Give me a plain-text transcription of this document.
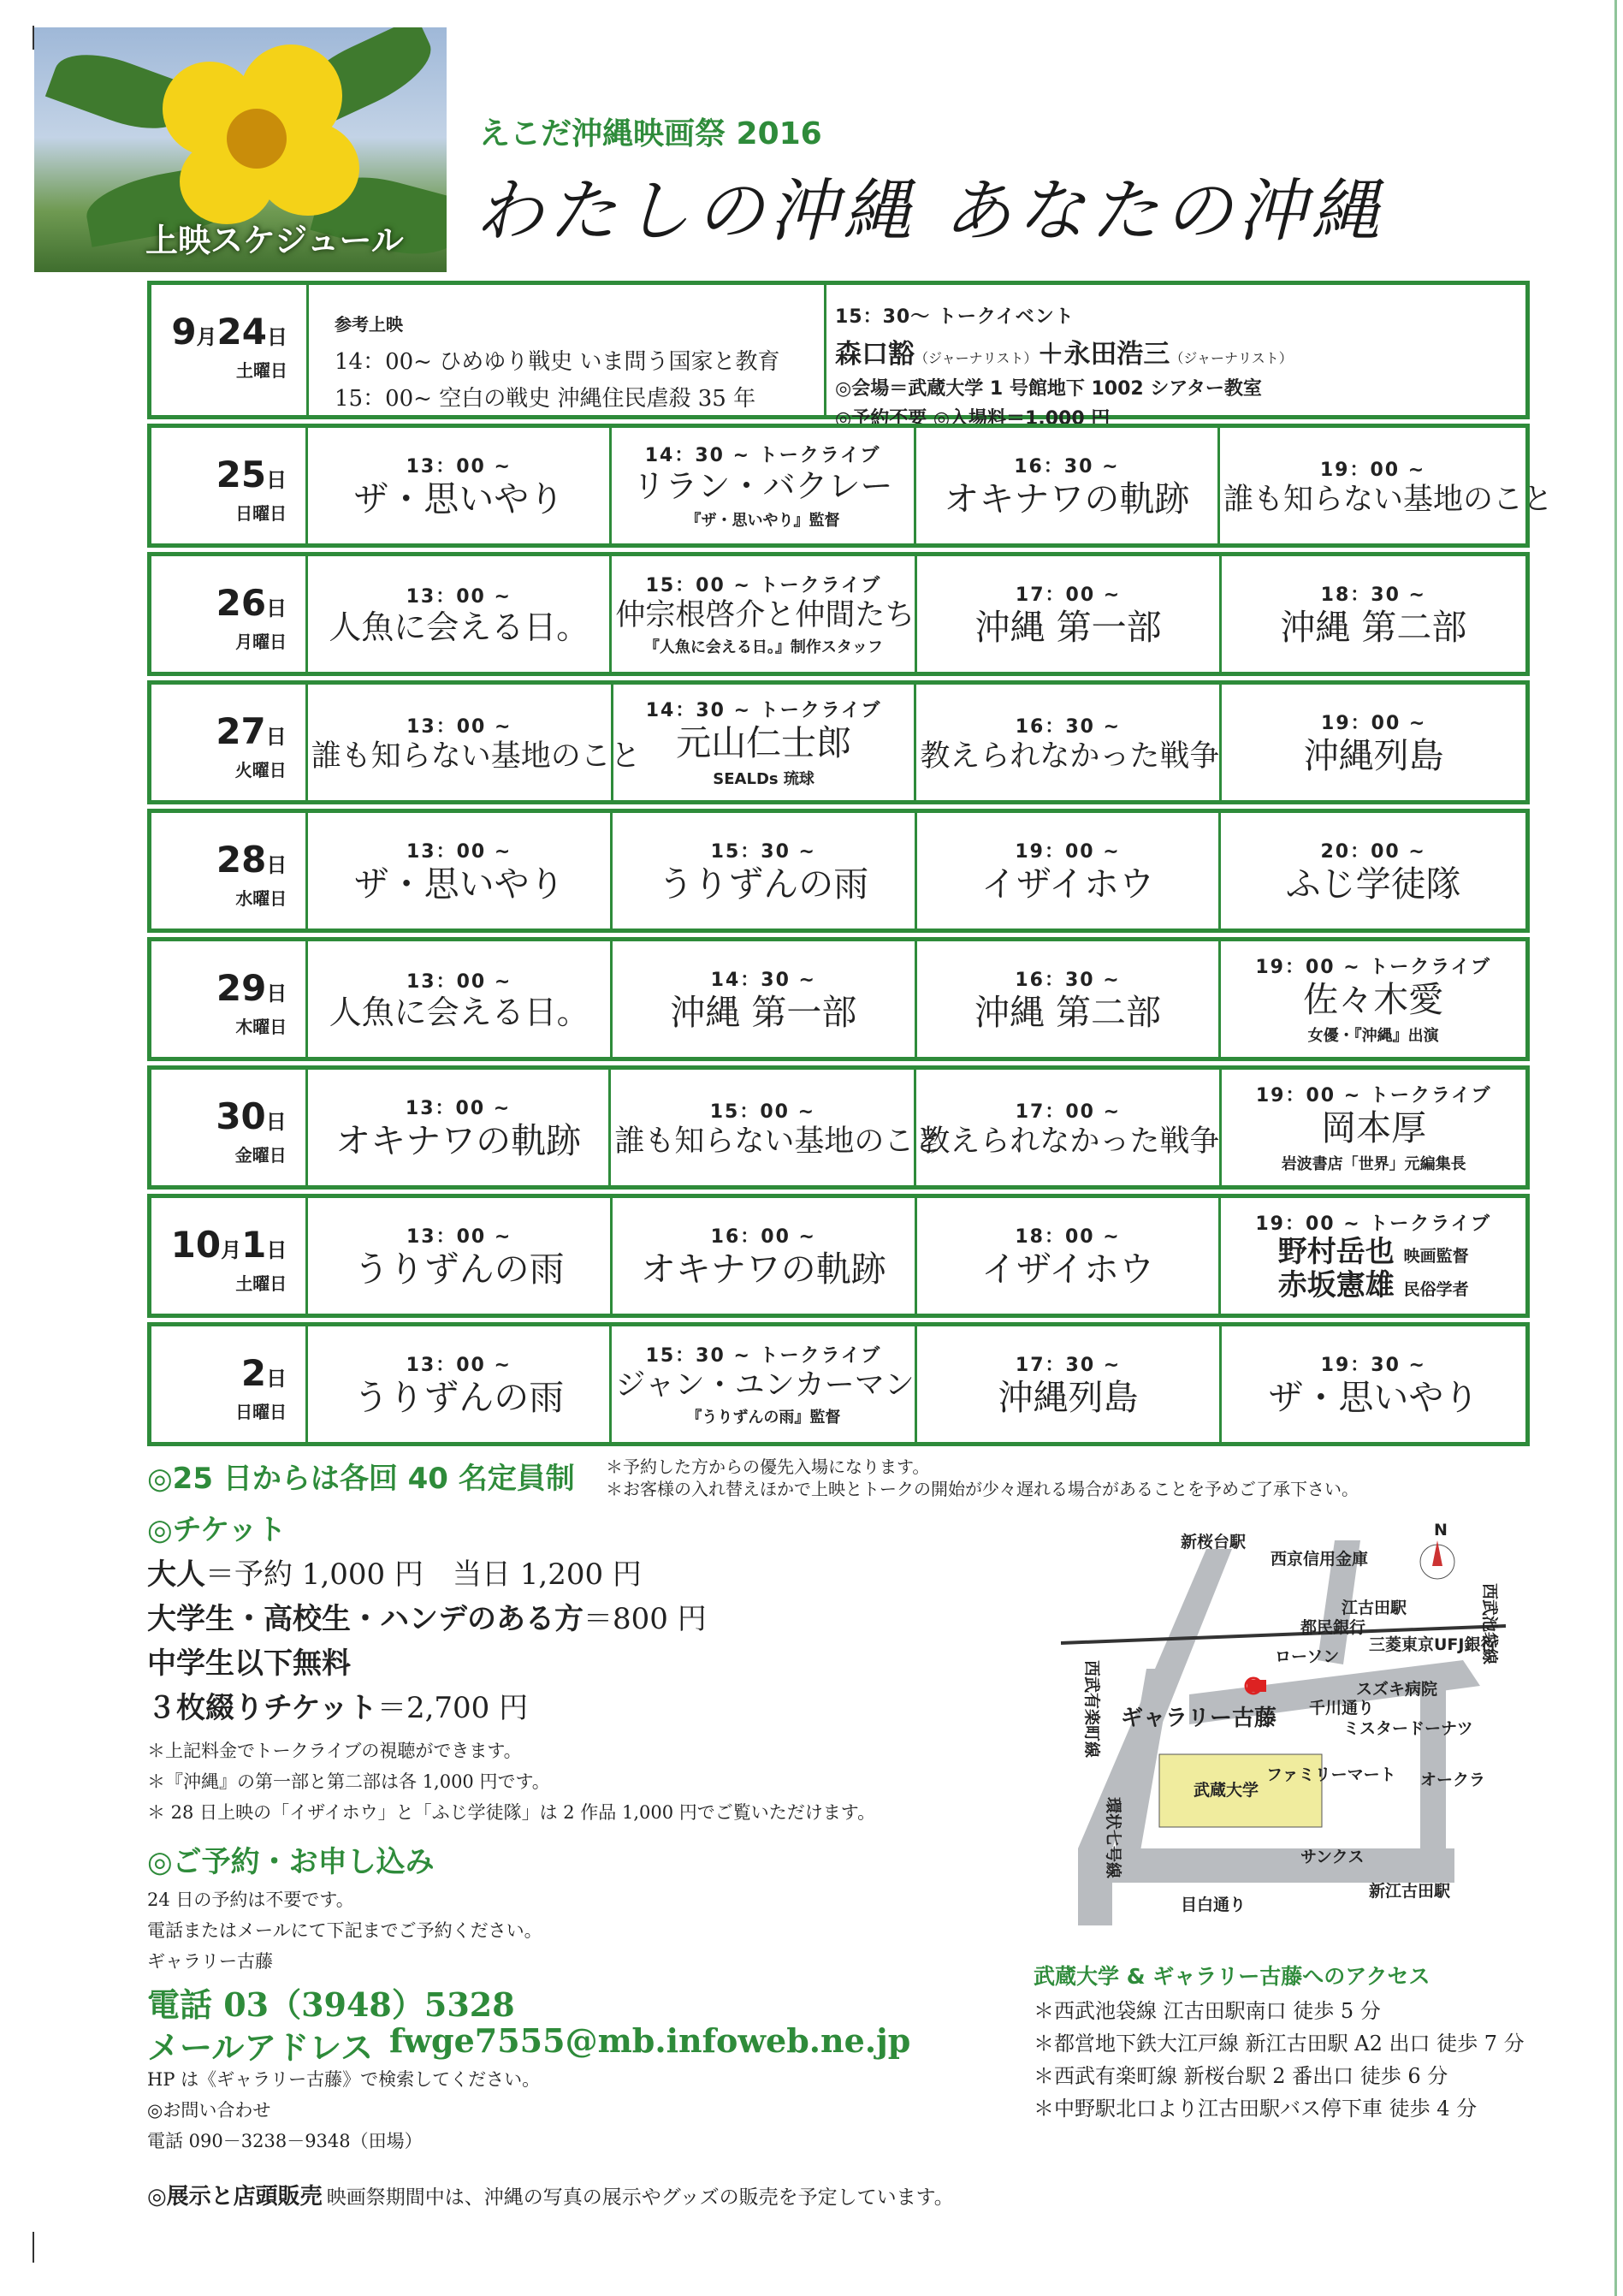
上映スケジュール
えこだ沖縄映画祭 2016
わたしの沖縄 あなたの沖縄
9月24日
土曜日
参考上映
14：00~ ひめゆり戦史 いま問う国家と教育
15：00~ 空白の戦史 沖縄住民虐殺 35 年
15：30～ トークイベント
森口豁（ジャーナリスト）＋永田浩三（ジャーナリスト）
◎会場＝武蔵大学 1 号館地下 1002 シアター教室
◎予約不要 ◎入場料＝1,000 円
25日
日曜日
13：00 ~
ザ・思いやり
14：30 ~ トークライブ
リラン・バクレー
『ザ・思いやり』監督
16：30 ~
オキナワの軌跡
19：00 ~
誰も知らない基地のこと
26日
月曜日
13：00 ~
人魚に会える日。
15：00 ~ トークライブ
仲宗根啓介と仲間たち
『人魚に会える日。』制作スタッフ
17：00 ~
沖縄 第一部
18：30 ~
沖縄 第二部
27日
火曜日
13：00 ~
誰も知らない基地のこと
14：30 ~ トークライブ
元山仁士郎
SEALDs 琉球
16：30 ~
教えられなかった戦争
19：00 ~
沖縄列島
28日
水曜日
13：00 ~
ザ・思いやり
15：30 ~
うりずんの雨
19：00 ~
イザイホウ
20：00 ~
ふじ学徒隊
29日
木曜日
13：00 ~
人魚に会える日。
14：30 ~
沖縄 第一部
16：30 ~
沖縄 第二部
19：00 ~ トークライブ
佐々木愛
女優・『沖縄』出演
30日
金曜日
13：00 ~
オキナワの軌跡
15：00 ~
誰も知らない基地のこと
17：00 ~
教えられなかった戦争
19：00 ~ トークライブ
岡本厚
岩波書店「世界」元編集長
10月1日
土曜日
13：00 ~
うりずんの雨
16：00 ~
オキナワの軌跡
18：00 ~
イザイホウ
19：00 ~ トークライブ
野村岳也 映画監督
赤坂憲雄 民俗学者
2日
日曜日
13：00 ~
うりずんの雨
15：30 ~ トークライブ
ジャン・ユンカーマン
『うりずんの雨』監督
17：30 ~
沖縄列島
19：30 ~
ザ・思いやり
◎25 日からは各回 40 名定員制 ＊予約した方からの優先入場になります。
＊お客様の入れ替えほかで上映とトークの開始が少々遅れる場合があることを予めご了承下さい。
◎チケット
大人＝予約 1,000 円　当日 1,200 円
大学生・高校生・ハンデのある方＝800 円
中学生以下無料
３枚綴りチケット＝2,700 円
＊上記料金でトークライブの視聴ができます。
＊『沖縄』の第一部と第二部は各 1,000 円です。
＊ 28 日上映の「イザイホウ」と「ふじ学徒隊」は 2 作品 1,000 円でご覧いただけます。
◎ご予約・お申し込み
24 日の予約は不要です。
電話またはメールにて下記までご予約ください。
ギャラリー古藤
電話 03（3948）5328
メールアドレス fwge7555@mb.infoweb.ne.jp
HP は《ギャラリー古藤》で検索してください。
◎お問い合わせ
電話 090－3238－9348（田場）
◎展示と店頭販売 映画祭期間中は、沖縄の写真の展示やグッズの販売を予定しています。
新桜台駅
西京信用金庫
江古田駅	西武池袋線
西武有楽町線
環状七号線
ローソン
スズキ病院
三菱東京UFJ銀行
都民銀行
千川通り
ギャラリー古藤	ミスタードーナツ
武蔵大学
ファミリーマート オークラ
サンクス
目白通り
新江古田駅
N
武蔵大学 & ギャラリー古藤へのアクセス
＊西武池袋線 江古田駅南口 徒歩 5 分
＊都営地下鉄大江戸線 新江古田駅 A2 出口 徒歩 7 分
＊西武有楽町線 新桜台駅 2 番出口 徒歩 6 分
＊中野駅北口より江古田駅バス停下車 徒歩 4 分
